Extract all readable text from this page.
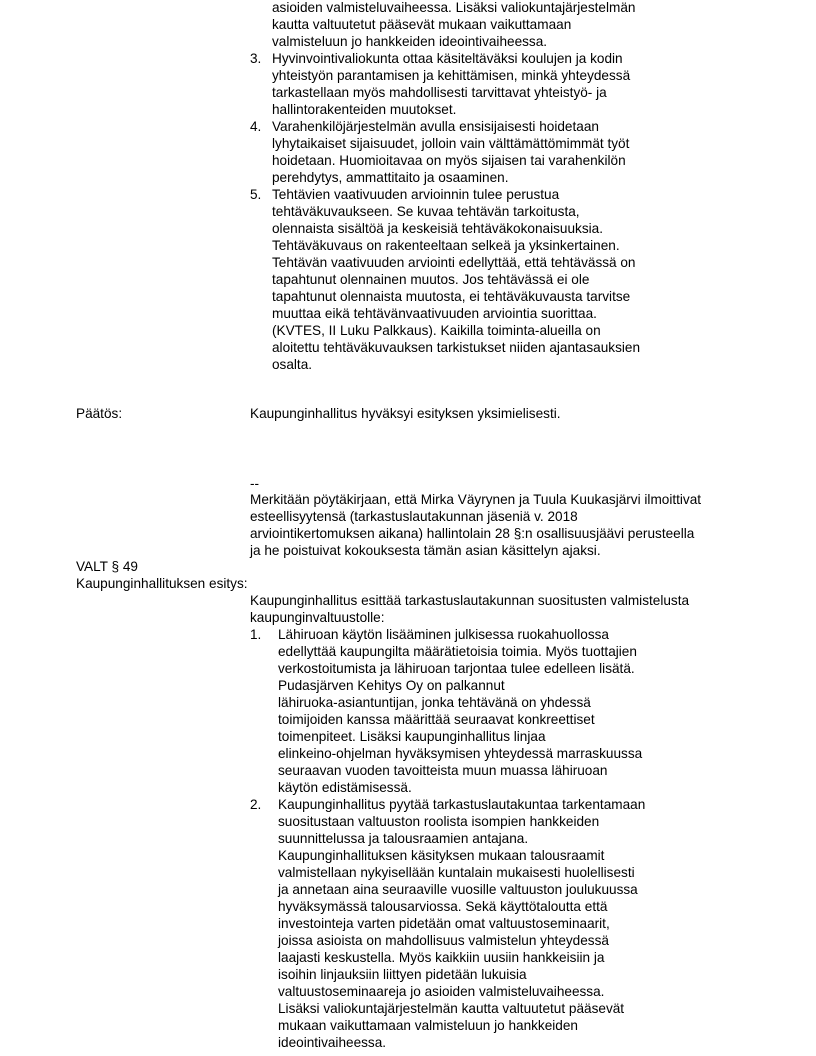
asioiden valmisteluvaiheessa. Lisäksi valiokuntajärjestelmän
kautta valtuutetut pääsevät mukaan vaikuttamaan
valmisteluun jo hankkeiden ideointivaiheessa.
3. Hyvinvointivaliokunta ottaa käsiteltäväksi koulujen ja kodin
yhteistyön parantamisen ja kehittämisen, minkä yhteydessä
tarkastellaan myös mahdollisesti tarvittavat yhteistyö- ja
hallintorakenteiden muutokset.
4. Varahenkilöjärjestelmän avulla ensisijaisesti hoidetaan
lyhytaikaiset sijaisuudet, jolloin vain välttämättömimmät työt
hoidetaan. Huomioitavaa on myös sijaisen tai varahenkilön
perehdytys, ammattitaito ja osaaminen.
5. Tehtävien vaativuuden arvioinnin tulee perustua
tehtäväkuvaukseen. Se kuvaa tehtävän tarkoitusta,
olennaista sisältöä ja keskeisiä tehtäväkokonaisuuksia.
Tehtäväkuvaus on rakenteeltaan selkeä ja yksinkertainen.
Tehtävän vaativuuden arviointi edellyttää, että tehtävässä on
tapahtunut olennainen muutos. Jos tehtävässä ei ole
tapahtunut olennaista muutosta, ei tehtäväkuvausta tarvitse
muuttaa eikä tehtävänvaativuuden arviointia suorittaa.
(KVTES, II Luku Palkkaus). Kaikilla toiminta-alueilla on
aloitettu tehtäväkuvauksen tarkistukset niiden ajantasauksien
osalta.
Päätös:	Kaupunginhallitus hyväksyi esityksen yksimielisesti.
--
Merkitään pöytäkirjaan, että Mirka Väyrynen ja Tuula Kuukasjärvi ilmoittivat
esteellisyytensä (tarkastuslautakunnan jäseniä v. 2018
arviointikertomuksen aikana) hallintolain 28 §:n osallisuusjäävi perusteella
ja he poistuivat kokouksesta tämän asian käsittelyn ajaksi.
VALT § 49
Kaupunginhallituksen esitys:
Kaupunginhallitus esittää tarkastuslautakunnan suositusten valmistelusta
kaupunginvaltuustolle:
1. Lähiruoan käytön lisääminen julkisessa ruokahuollossa
edellyttää kaupungilta määrätietoisia toimia. Myös tuottajien
verkostoitumista ja lähiruoan tarjontaa tulee edelleen lisätä.
Pudasjärven Kehitys Oy on palkannut
lähiruoka-asiantuntijan, jonka tehtävänä on yhdessä
toimijoiden kanssa määrittää seuraavat konkreettiset
toimenpiteet. Lisäksi kaupunginhallitus linjaa
elinkeino-ohjelman hyväksymisen yhteydessä marraskuussa
seuraavan vuoden tavoitteista muun muassa lähiruoan
käytön edistämisessä.
2. Kaupunginhallitus pyytää tarkastuslautakuntaa tarkentamaan
suositustaan valtuuston roolista isompien hankkeiden
suunnittelussa ja talousraamien antajana.
Kaupunginhallituksen käsityksen mukaan talousraamit
valmistellaan nykyisellään kuntalain mukaisesti huolellisesti
ja annetaan aina seuraaville vuosille valtuuston joulukuussa
hyväksymässä talousarviossa. Sekä käyttötaloutta että
investointeja varten pidetään omat valtuustoseminaarit,
joissa asioista on mahdollisuus valmistelun yhteydessä
laajasti keskustella. Myös kaikkiin uusiin hankkeisiin ja
isoihin linjauksiin liittyen pidetään lukuisia
valtuustoseminaareja jo asioiden valmisteluvaiheessa.
Lisäksi valiokuntajärjestelmän kautta valtuutetut pääsevät
mukaan vaikuttamaan valmisteluun jo hankkeiden
ideointivaiheessa.
